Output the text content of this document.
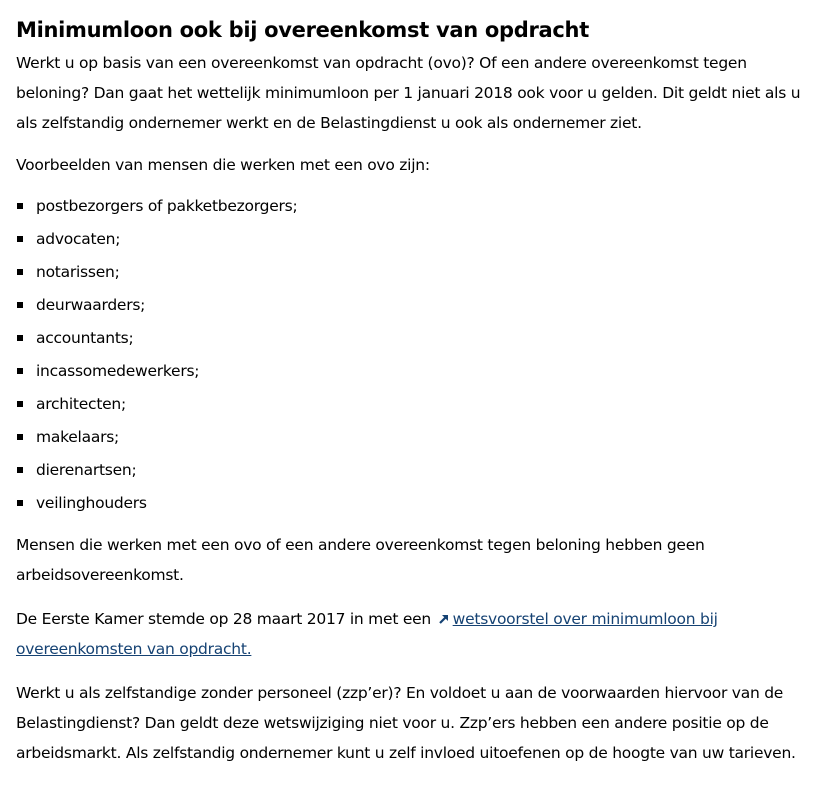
Minimumloon ook bij overeenkomst van opdracht

Werkt u op basis van een overeenkomst van opdracht (ovo)? Of een andere overeenkomst tegen beloning? Dan gaat het wettelijk minimumloon per 1 januari 2018 ook voor u gelden. Dit geldt niet als u als zelfstandig ondernemer werkt en de Belastingdienst u ook als ondernemer ziet.

Voorbeelden van mensen die werken met een ovo zijn:

postbezorgers of pakketbezorgers;
advocaten;
notarissen;
deurwaarders;
accountants;
incassomedewerkers;
architecten;
makelaars;
dierenartsen;
veilinghouders

Mensen die werken met een ovo of een andere overeenkomst tegen beloning hebben geen arbeidsovereenkomst.

De Eerste Kamer stemde op 28 maart 2017 in met een wetsvoorstel over minimumloon bij overeenkomsten van opdracht.

Werkt u als zelfstandige zonder personeel (zzp’er)? En voldoet u aan de voorwaarden hiervoor van de Belastingdienst? Dan geldt deze wetswijziging niet voor u. Zzp’ers hebben een andere positie op de arbeidsmarkt. Als zelfstandig ondernemer kunt u zelf invloed uitoefenen op de hoogte van uw tarieven.
